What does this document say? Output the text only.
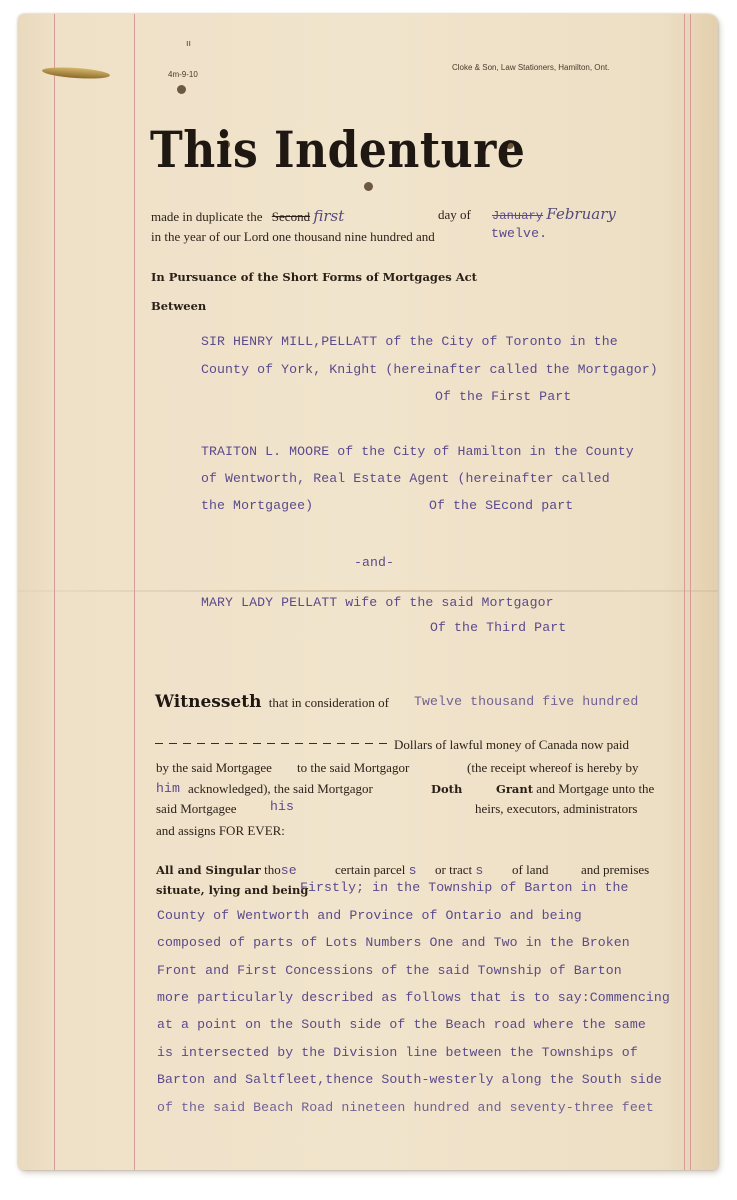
ıı
4m-9-10
Cloke & Son, Law Stationers, Hamilton, Ont.
This Indenture
made in duplicate the Second first	day of January February
in the year of our Lord one thousand nine hundred and	twelve.
In Pursuance of the Short Forms of Mortgages Act
Between
SIR HENRY MILL,PELLATT of the City of Toronto in the
County of York, Knight (hereinafter called the Mortgagor)
Of the First Part
TRAITON L. MOORE of the City of Hamilton in the County
of Wentworth, Real Estate Agent (hereinafter called
the Mortgagee)	Of the SEcond part
-and-
MARY LADY PELLATT wife of the said Mortgagor
Of the Third Part
Witnesseth that in consideration of Twelve thousand five hundred
Dollars of lawful money of Canada now paid
by the said Mortgagee to the said Mortgagor	(the receipt whereof is hereby by
him acknowledged), the said Mortgagor	Doth	Grant and Mortgage unto the
said Mortgagee	his	heirs, executors, administrators
and assigns FOR EVER:
All and Singular those	certain parcel s or tract s of land	and premises
situate, lying and being
Firstly; in the Township of Barton in the
County of Wentworth and Province of Ontario and being
composed of parts of Lots Numbers One and Two in the Broken
Front and First Concessions of the said Township of Barton
more particularly described as follows that is to say:Commencing
at a point on the South side of the Beach road where the same
is intersected by the Division line between the Townships of
Barton and Saltfleet,thence South-westerly along the South side
of the said Beach Road nineteen hundred and seventy-three feet
